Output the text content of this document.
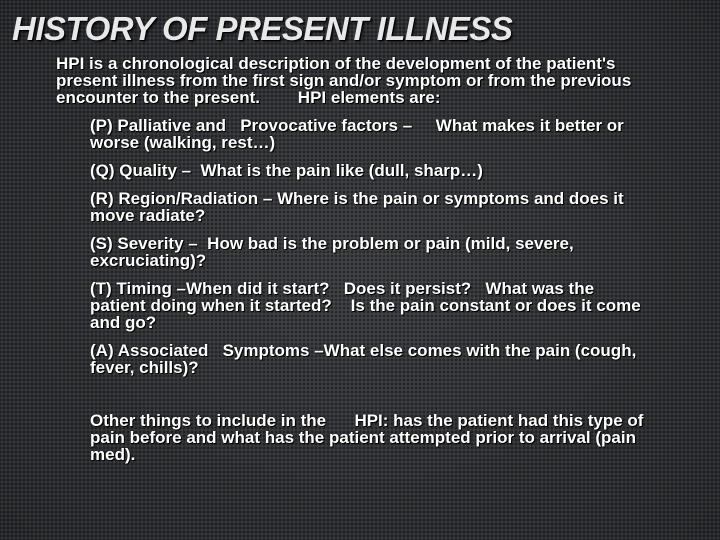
HISTORY OF PRESENT ILLNESS

HPI is a chronological description of the development of the patient's present illness from the first sign and/or symptom or from the previous encounter to the present.        HPI elements are:

(P) Palliative and   Provocative factors –     What makes it better or worse (walking, rest…)
(Q) Quality –  What is the pain like (dull, sharp…)
(R) Region/Radiation – Where is the pain or symptoms and does it move radiate?
(S) Severity –  How bad is the problem or pain (mild, severe, excruciating)?
(T) Timing –When did it start?   Does it persist?   What was the patient doing when it started?    Is the pain constant or does it come and go?
(A) Associated   Symptoms –What else comes with the pain (cough, fever, chills)?

Other things to include in the      HPI: has the patient had this type of pain before and what has the patient attempted prior to arrival (pain med).
